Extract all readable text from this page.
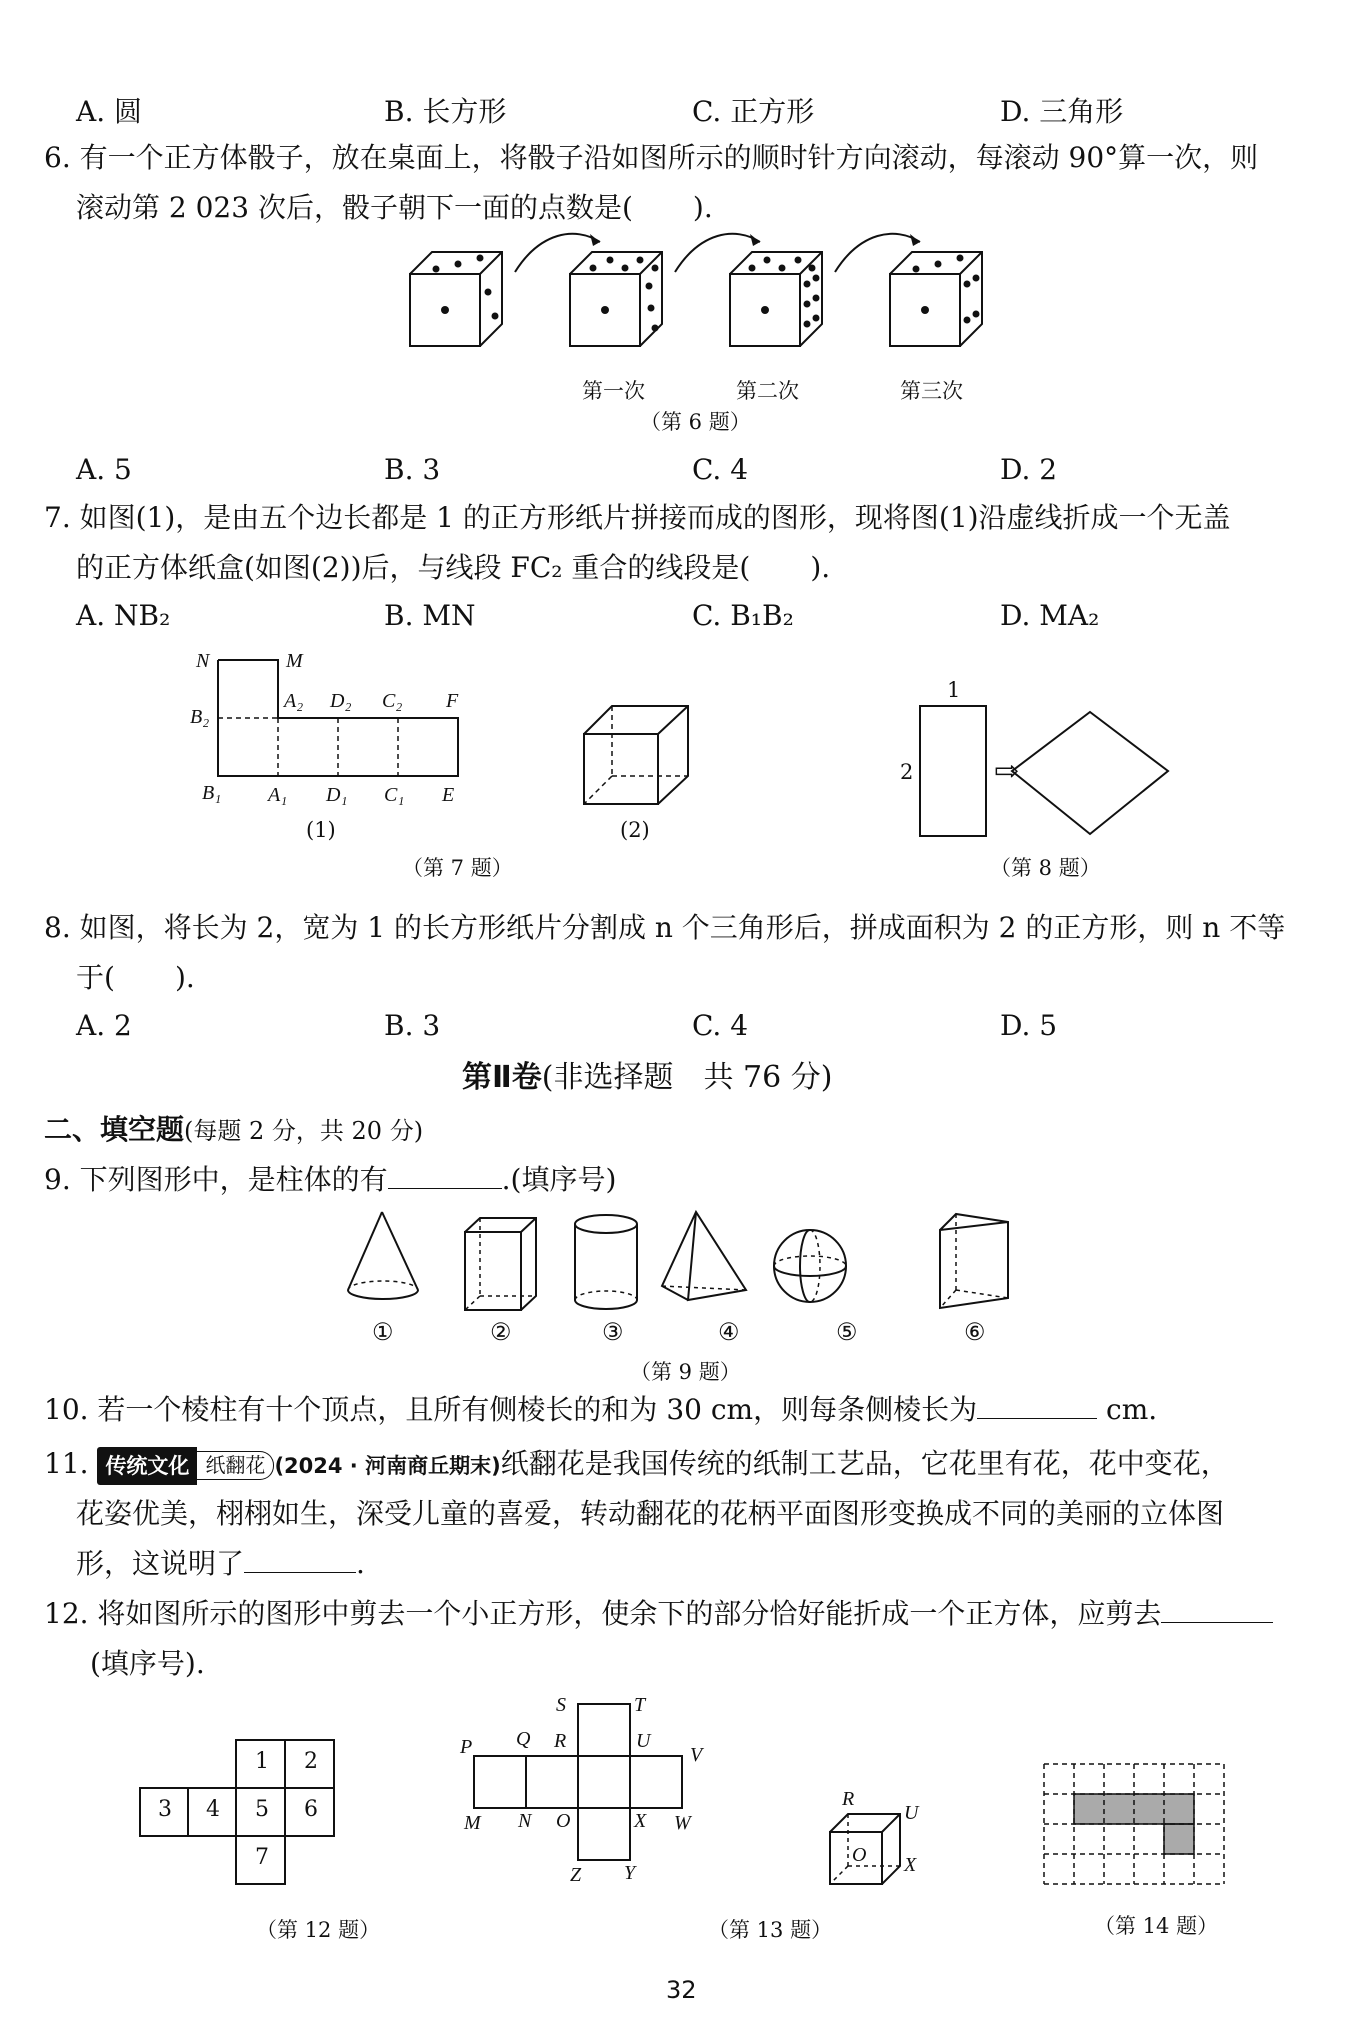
A. 圆	B. 长方形	C. 正方形	D. 三角形
6. 有一个正方体骰子，放在桌面上，将骰子沿如图所示的顺时针方向滚动，每滚动 90°算一次，则
滚动第 2 023 次后，骰子朝下一面的点数是( ).
第一次	第二次	第三次
（第 6 题）
A. 5	B. 3	C. 4	D. 2
7. 如图(1)，是由五个边长都是 1 的正方形纸片拼接而成的图形，现将图(1)沿虚线折成一个无盖
的正方体纸盒(如图(2))后，与线段 FC₂ 重合的线段是( ).
A. NB₂	B. MN	C. B₁B₂	D. MA₂
N	M
B₂
A₂ D₂ C₂ F
B₁ A₁ D₁ C₁ E
(1)	(2)
（第 7 题）
1
2	⇨
（第 8 题）
8. 如图，将长为 2，宽为 1 的长方形纸片分割成 n 个三角形后，拼成面积为 2 的正方形，则 n 不等
于( ).
A. 2	B. 3	C. 4	D. 5
第Ⅱ卷(非选择题　共 76 分)
二、填空题(每题 2 分，共 20 分)
9. 下列图形中，是柱体的有	.(填序号)
①	②	③	④	⑤	⑥
（第 9 题）
10. 若一个棱柱有十个顶点，且所有侧棱长的和为 30 cm，则每条侧棱长为	cm.
11. 传统文化 纸翻花 (2024 · 河南商丘期末)纸翻花是我国传统的纸制工艺品，它花里有花，花中变花，
花姿优美，栩栩如生，深受儿童的喜爱，转动翻花的花柄平面图形变换成不同的美丽的立体图
形，这说明了	.
12. 将如图所示的图形中剪去一个小正方形，使余下的部分恰好能折成一个正方体，应剪去
(填序号).
1 2
3 4 5 6
7
（第 12 题）
S	T
P Q R	U
V
M N O	X W
Z Y
R
U
O X
（第 13 题）	（第 14 题）
32
